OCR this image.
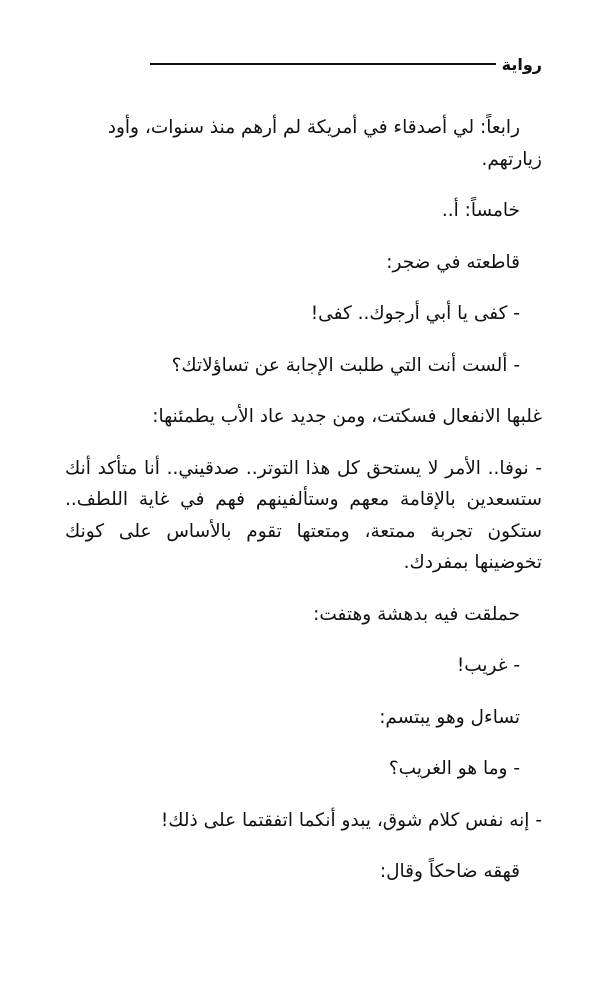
رواية

رابعاً: لي أصدقاء في أمريكة لم أرهم منذ سنوات، وأود زيارتهم.

خامساً: أ..

قاطعته في ضجر:

- كفى يا أبي أرجوك.. كفى!

- ألست أنت التي طلبت الإجابة عن تساؤلاتك؟

غلبها الانفعال فسكتت، ومن جديد عاد الأب يطمئنها:

- نوفا.. الأمر لا يستحق كل هذا التوتر.. صدقيني.. أنا متأكد أنك ستسعدين بالإقامة معهم وستألفينهم فهم في غاية اللطف.. ستكون تجربة ممتعة، ومتعتها تقوم بالأساس على كونك تخوضينها بمفردك.

حملقت فيه بدهشة وهتفت:

- غريب!

تساءل وهو يبتسم:

- وما هو الغريب؟

- إنه نفس كلام شوق، يبدو أنكما اتفقتما على ذلك!

قهقه ضاحكاً وقال:
